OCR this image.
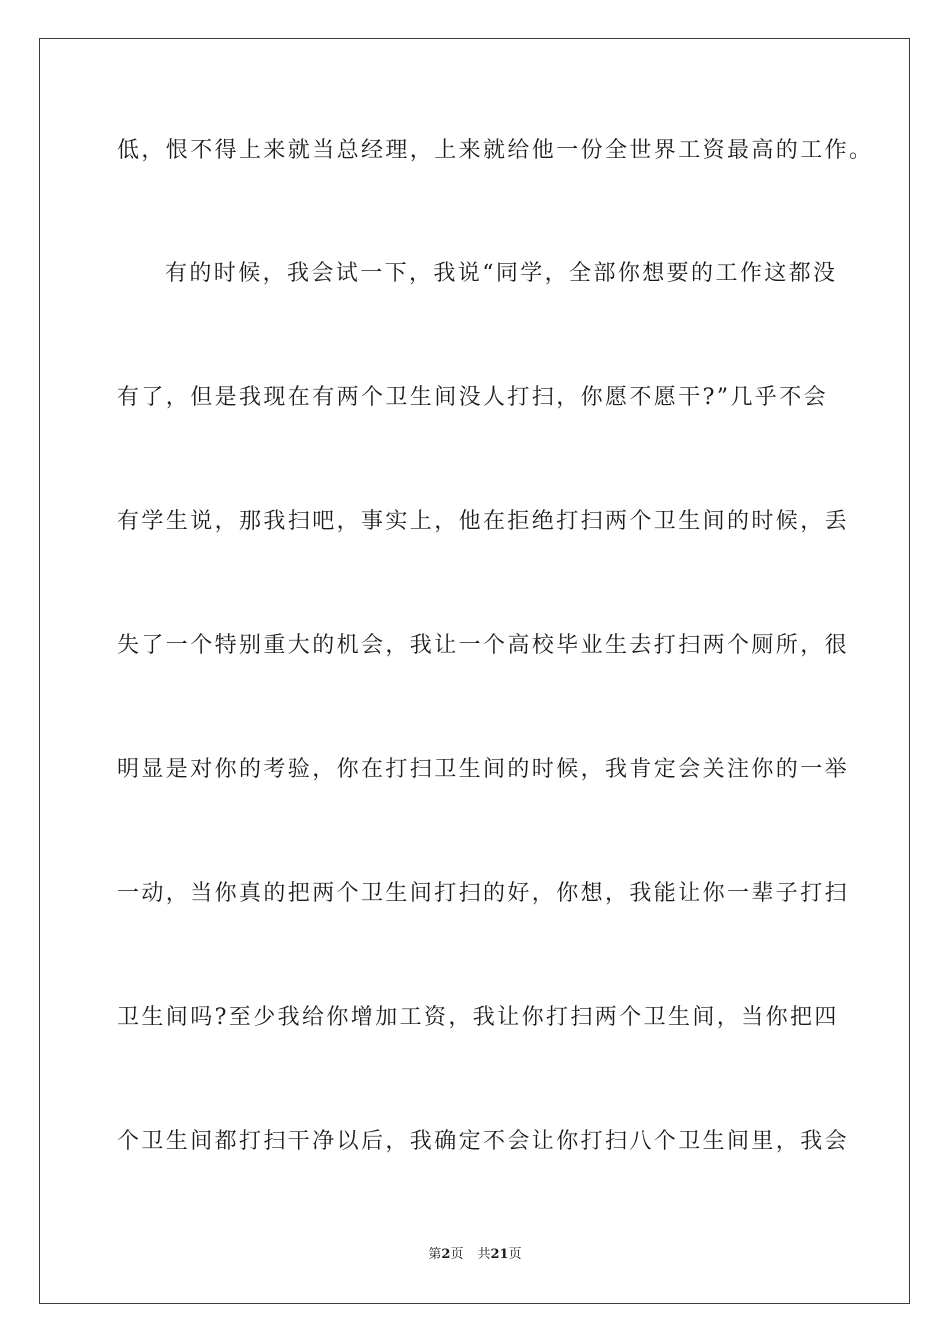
低，恨不得上来就当总经理，上来就给他一份全世界工资最高的工作。

有的时候，我会试一下，我说“同学，全部你想要的工作这都没

有了，但是我现在有两个卫生间没人打扫，你愿不愿干?”几乎不会

有学生说，那我扫吧，事实上，他在拒绝打扫两个卫生间的时候，丢

失了一个特别重大的机会，我让一个高校毕业生去打扫两个厕所，很

明显是对你的考验，你在打扫卫生间的时候，我肯定会关注你的一举

一动，当你真的把两个卫生间打扫的好，你想，我能让你一辈子打扫

卫生间吗?至少我给你增加工资，我让你打扫两个卫生间，当你把四

个卫生间都打扫干净以后，我确定不会让你打扫八个卫生间里，我会

第2页 共21页
